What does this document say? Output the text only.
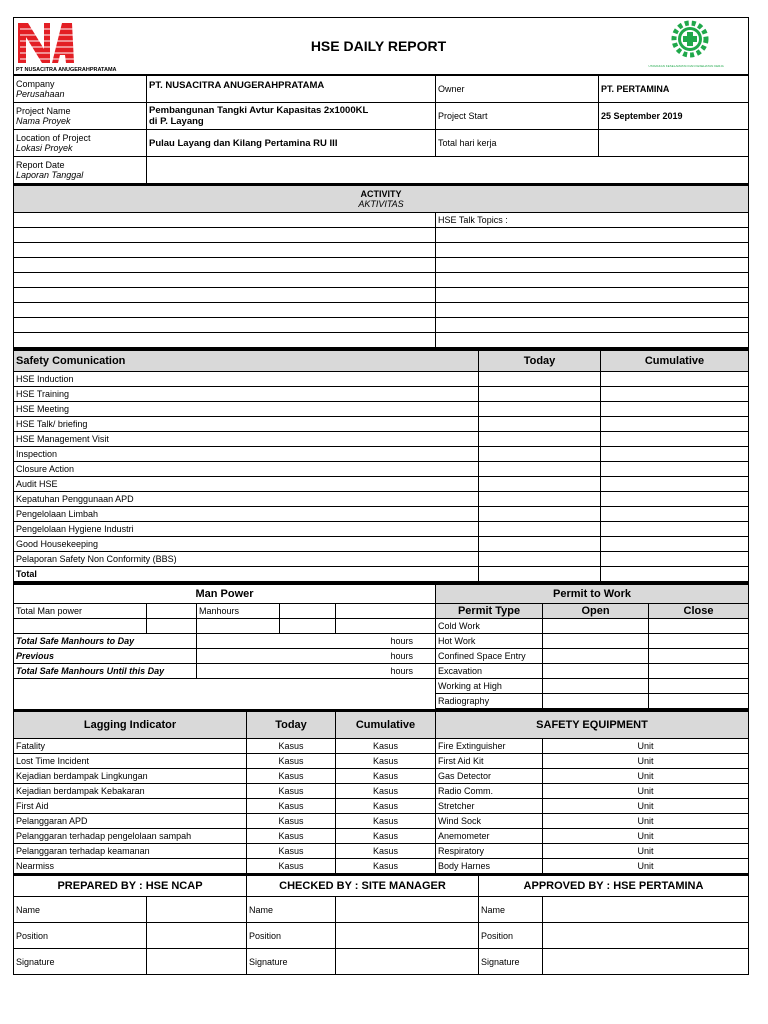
PT NUSACITRA ANUGERAHPRATAMA
	HSE DAILY REPORT	
UTAMAKAN KESELAMATAN DAN KESEHATAN KERJA
Company
Perusahaan	PT. NUSACITRA ANUGERAHPRATAMA	Owner	PT. PERTAMINA

Project Name
Nama Proyek	Pembangunan Tangki Avtur Kapasitas 2x1000KL
di P. Layang	Project Start	25 September 2019

Location of Project
Lokasi Proyek	Pulau Layang dan Kilang Pertamina RU III	Total hari kerja	

Report Date
Laporan Tanggal			

ACTIVITY
AKTIVITAS	
	HSE Talk Topics :

Safety Comunication	Today	Cumulative
HSE Induction		
HSE Training		
HSE Meeting		
HSE Talk/ briefing		
HSE Management Visit		
Inspection		
Closure Action		
Audit HSE		
Kepatuhan Penggunaan APD		
Pengelolaan Limbah		
Pengelolaan Hygiene Industri		
Good Housekeeping		
Pelaporan Safety Non Conformity (BBS)		
Total		
Man Power					Permit to Work		
Total Man power		Manhours			Permit Type	Open	Close
					Cold Work		
Total Safe Manhours to Day		hours			Hot Work		
Previous		hours			Confined Space Entry		
Total Safe Manhours Until this Day		hours			Excavation		
					Working at High		
					Radiography		
Lagging Indicator	Today	Cumulative	SAFETY EQUIPMENT	
Fatality	Kasus	Kasus	Fire Extinguisher	Unit
Lost Time Incident	Kasus	Kasus	First Aid Kit	Unit
Kejadian berdampak Lingkungan	Kasus	Kasus	Gas Detector	Unit
Kejadian berdampak Kebakaran	Kasus	Kasus	Radio Comm.	Unit
First Aid	Kasus	Kasus	Stretcher	Unit
Pelanggaran APD	Kasus	Kasus	Wind Sock	Unit
Pelanggaran terhadap pengelolaan sampah	Kasus	Kasus	Anemometer	Unit
Pelanggaran terhadap keamanan	Kasus	Kasus	Respiratory	Unit
Nearmiss	Kasus	Kasus	Body Harnes	Unit
PREPARED BY : HSE NCAP		CHECKED BY : SITE MANAGER		APPROVED BY : HSE PERTAMINA	
Name		Name		Name	
Position		Position		Position	
Signature		Signature		Signature	
